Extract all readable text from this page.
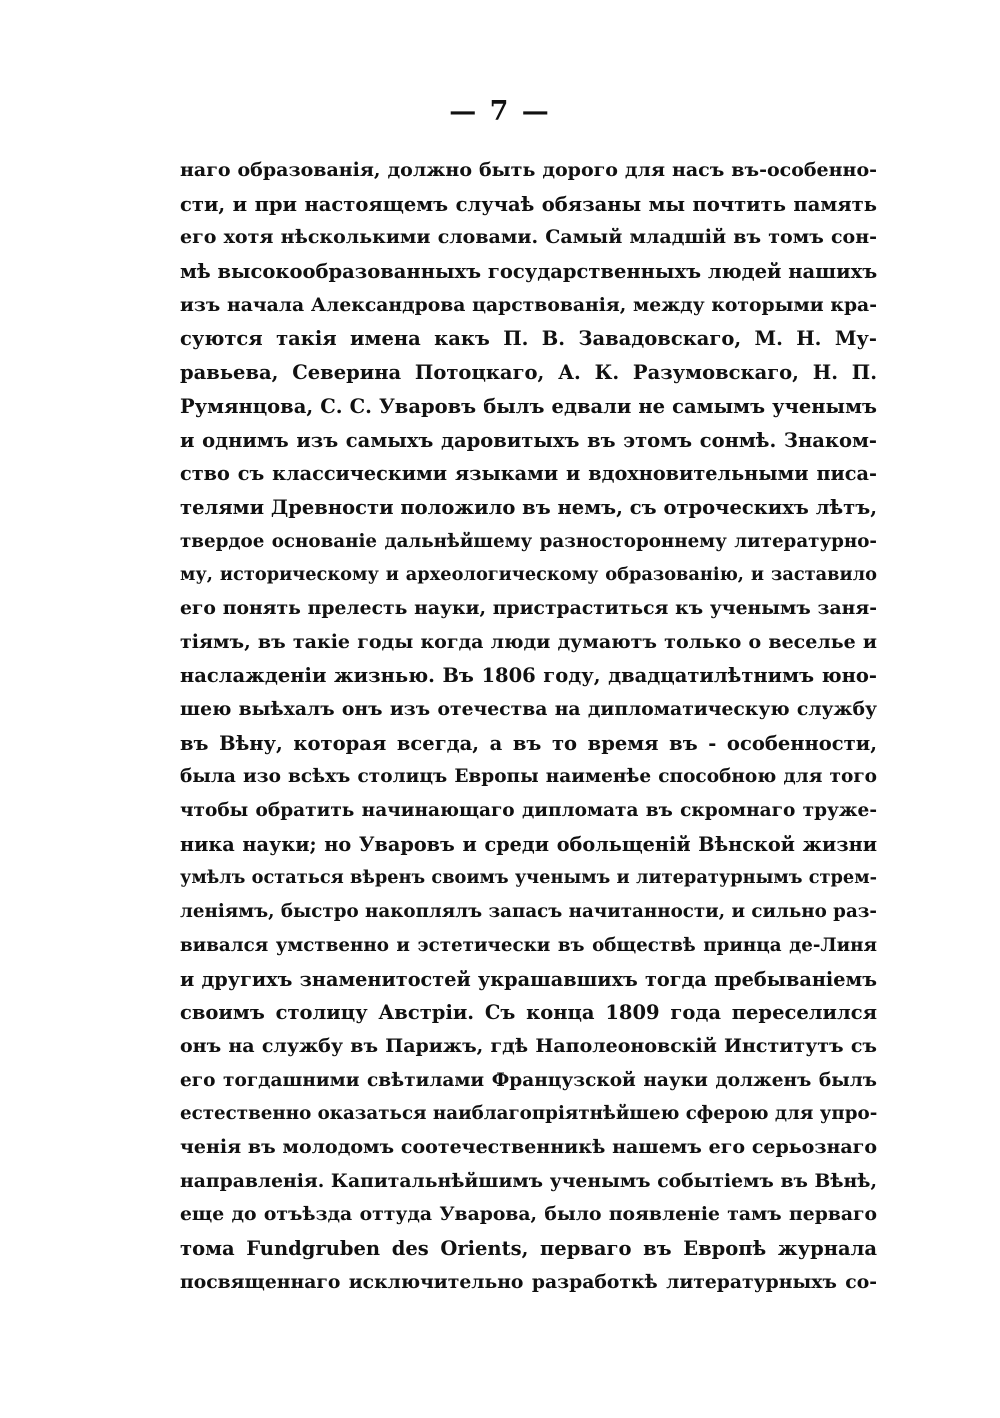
— 7 —
наго образованія, должно быть дорого для насъ въ-особенно-
сти, и при настоящемъ случаѣ обязаны мы почтить память
его хотя нѣсколькими словами. Самый младшій въ томъ сон-
мѣ высокообразованныхъ государственныхъ людей нашихъ
изъ начала Александрова царствованія, между которыми кра-
суются такія имена какъ П. В. Завадовскаго, М. Н. Му-
равьева, Северина Потоцкаго, А. К. Разумовскаго, Н. П.
Румянцова, С. С. Уваровъ былъ едвали не самымъ ученымъ
и однимъ изъ самыхъ даровитыхъ въ этомъ сонмѣ. Знаком-
ство съ классическими языками и вдохновительными писа-
телями Древности положило въ немъ, съ отроческихъ лѣтъ,
твердое основаніе дальнѣйшему разностороннему литературно-
му, историческому и археологическому образованію, и заставило
его понять прелесть науки, пристраститься къ ученымъ заня-
тіямъ, въ такіе годы когда люди думаютъ только о веселье и
наслажденіи жизнью. Въ 1806 году, двадцатилѣтнимъ юно-
шею выѣхалъ онъ изъ отечества на дипломатическую службу
въ Вѣну, которая всегда, а въ то время въ - особенности,
была изо всѣхъ столицъ Европы наименѣе способною для того
чтобы обратить начинающаго дипломата въ скромнаго труже-
ника науки; но Уваровъ и среди обольщеній Вѣнской жизни
умѣлъ остаться вѣренъ своимъ ученымъ и литературнымъ стрем-
леніямъ, быстро накоплялъ запасъ начитанности, и сильно раз-
вивался умственно и эстетически въ обществѣ принца де-Линя
и другихъ знаменитостей украшавшихъ тогда пребываніемъ
своимъ столицу Австріи. Съ конца 1809 года переселился
онъ на службу въ Парижъ, гдѣ Наполеоновскій Институтъ съ
его тогдашними свѣтилами Французской науки долженъ былъ
естественно оказаться наиблагопріятнѣйшею сферою для упро-
ченія въ молодомъ соотечественникѣ нашемъ его серьознаго
направленія. Капитальнѣйшимъ ученымъ событіемъ въ Вѣнѣ,
еще до отъѣзда оттуда Уварова, было появленіе тамъ перваго
тома Fundgruben des Orients, перваго въ Европѣ журнала
посвященнаго исключительно разработкѣ литературныхъ со-
